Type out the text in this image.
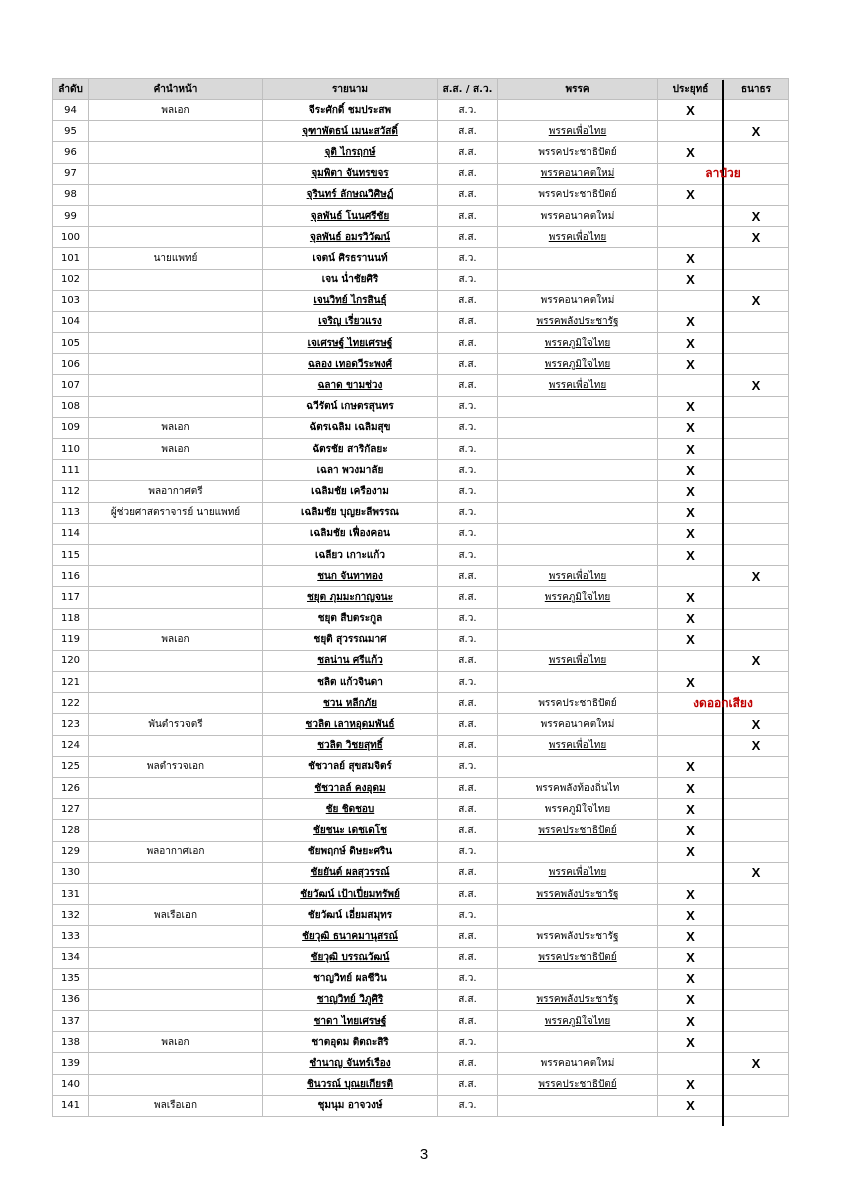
ลำดับ	คำนำหน้า	รายนาม	ส.ส. / ส.ว.	พรรค	ประยุทธ์	ธนาธร
94	พลเอก	จีระศักดิ์ ชมประสพ	ส.ว.		X	
95		จุฑาพัตธน์ เมนะสวัสดิ์	ส.ส.	พรรคเพื่อไทย		X
96		จุติ ไกรฤกษ์	ส.ส.	พรรคประชาธิปัตย์	X	
97		จุมพิตา จันทรขจร	ส.ส.	พรรคอนาคตใหม่	ลาป่วย	
98		จุรินทร์ ลักษณวิศิษฏ์	ส.ส.	พรรคประชาธิปัตย์	X	
99		จุลพันธ์ โนนศรีชัย	ส.ส.	พรรคอนาคตใหม่		X
100		จุลพันธ์ อมรวิวัฒน์	ส.ส.	พรรคเพื่อไทย		X
101	นายแพทย์	เจตน์ ศิรธรานนท์	ส.ว.		X	
102		เจน น่ำชัยศิริ	ส.ว.		X	
103		เจนวิทย์ ไกรสินธุ์	ส.ส.	พรรคอนาคตใหม่		X
104		เจริญ เรี่ยวแรง	ส.ส.	พรรคพลังประชารัฐ	X	
105		เจเศรษฐ์ ไทยเศรษฐ์	ส.ส.	พรรคภูมิใจไทย	X	
106		ฉลอง เทอดวีระพงศ์	ส.ส.	พรรคภูมิใจไทย	X	
107		ฉลาด ขามช่วง	ส.ส.	พรรคเพื่อไทย		X
108		ฉวีรัตน์ เกษตรสุนทร	ส.ว.		X	
109	พลเอก	ฉัตรเฉลิม เฉลิมสุข	ส.ว.		X	
110	พลเอก	ฉัตรชัย สาริกัลยะ	ส.ว.		X	
111		เฉลา พวงมาลัย	ส.ว.		X	
112	พลอากาศตรี	เฉลิมชัย เครืองาม	ส.ว.		X	
113	ผู้ช่วยศาสตราจารย์ นายแพทย์	เฉลิมชัย บุญยะลีพรรณ	ส.ว.		X	
114		เฉลิมชัย เฟื่องคอน	ส.ว.		X	
115		เฉลียว เกาะแก้ว	ส.ว.		X	
116		ชนก จันทาทอง	ส.ส.	พรรคเพื่อไทย		X
117		ชยุต ภุมมะกาญจนะ	ส.ส.	พรรคภูมิใจไทย	X	
118		ชยุต สืบตระกูล	ส.ว.		X	
119	พลเอก	ชยุติ สุวรรณมาศ	ส.ว.		X	
120		ชลน่าน ศรีแก้ว	ส.ส.	พรรคเพื่อไทย		X
121		ชลิต แก้วจินดา	ส.ว.		X	
122		ชวน หลีกภัย	ส.ส.	พรรคประชาธิปัตย์	งดออกเสียง	
123	พันตำรวจตรี	ชวลิต เลาหอุดมพันธ์	ส.ส.	พรรคอนาคตใหม่		X
124		ชวลิต วิชยสุทธิ์	ส.ส.	พรรคเพื่อไทย		X
125	พลตำรวจเอก	ชัชวาลย์ สุขสมจิตร์	ส.ว.		X	
126		ชัชวาลล์ คงอุดม	ส.ส.	พรรคพลังท้องถิ่นไท	X	
127		ชัย ชิดชอบ	ส.ส.	พรรคภูมิใจไทย	X	
128		ชัยชนะ เดชเดโช	ส.ส.	พรรคประชาธิปัตย์	X	
129	พลอากาศเอก	ชัยพฤกษ์ ดิษยะศริน	ส.ว.		X	
130		ชัยยันต์ ผลสุวรรณ์	ส.ส.	พรรคเพื่อไทย		X
131		ชัยวัฒน์ เป้าเปี่ยมทรัพย์	ส.ส.	พรรคพลังประชารัฐ	X	
132	พลเรือเอก	ชัยวัฒน์ เอี่ยมสมุทร	ส.ว.		X	
133		ชัยวุฒิ ธนาคมานุสรณ์	ส.ส.	พรรคพลังประชารัฐ	X	
134		ชัยวุฒิ บรรณวัฒน์	ส.ส.	พรรคประชาธิปัตย์	X	
135		ชาญวิทย์ ผลชีวิน	ส.ว.		X	
136		ชาญวิทย์ วิภูศิริ	ส.ส.	พรรคพลังประชารัฐ	X	
137		ชาดา ไทยเศรษฐ์	ส.ส.	พรรคภูมิใจไทย	X	
138	พลเอก	ชาตอุดม ติตถะสิริ	ส.ว.		X	
139		ชำนาญ จันทร์เรือง	ส.ส.	พรรคอนาคตใหม่		X
140		ชินวรณ์ บุณยเกียรติ	ส.ส.	พรรคประชาธิปัตย์	X	
141	พลเรือเอก	ชุมนุม อาจวงษ์	ส.ว.		X	
3
